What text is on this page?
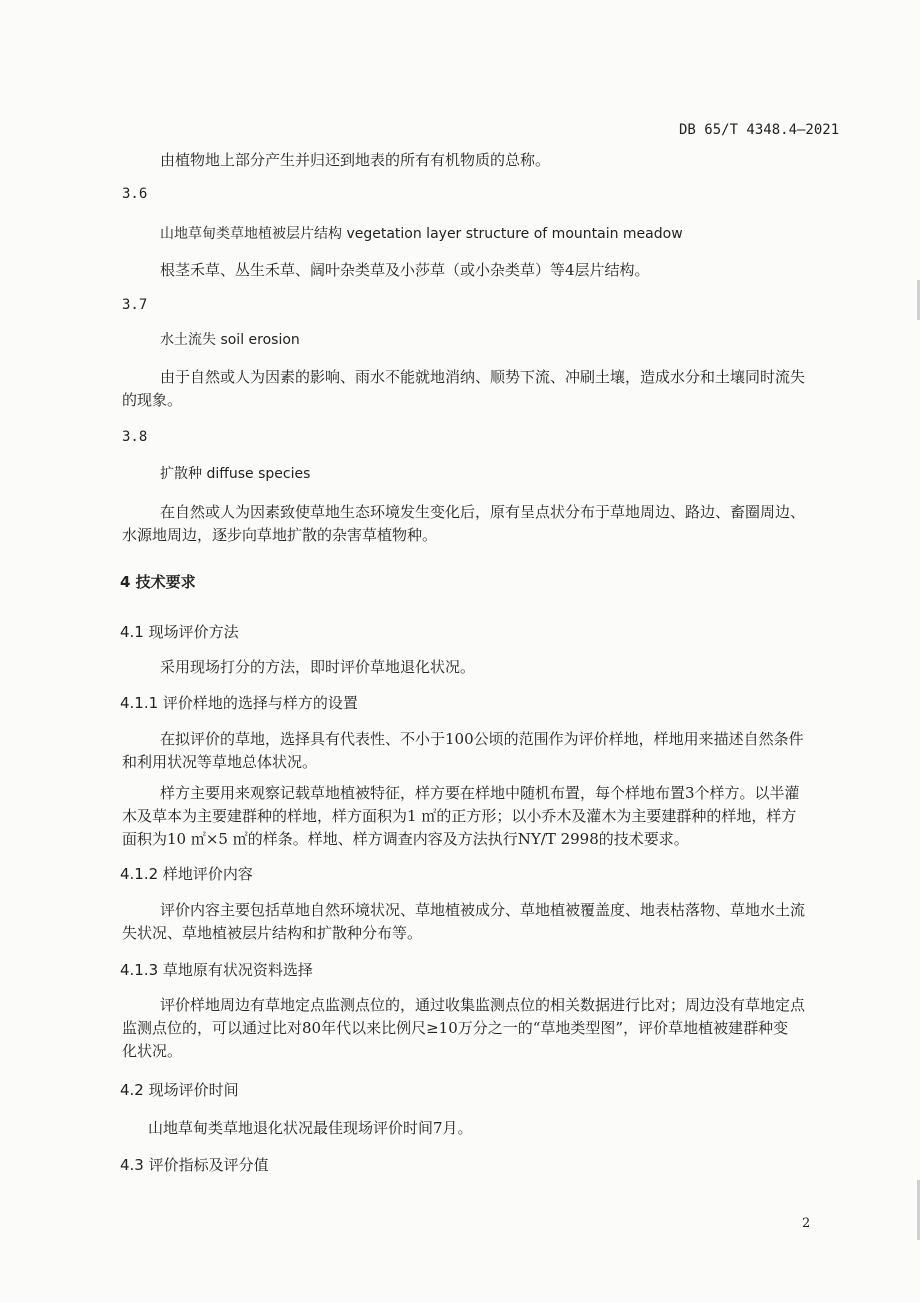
DB 65/T 4348.4—2021
由植物地上部分产生并归还到地表的所有有机物质的总称。
3.6
山地草甸类草地植被层片结构 vegetation layer structure of mountain meadow
根茎禾草、丛生禾草、阔叶杂类草及小莎草（或小杂类草）等4层片结构。
3.7
水土流失 soil erosion
由于自然或人为因素的影响、雨水不能就地消纳、顺势下流、冲刷土壤，造成水分和土壤同时流失
的现象。
3.8
扩散种 diffuse species
在自然或人为因素致使草地生态环境发生变化后，原有呈点状分布于草地周边、路边、畜圈周边、
水源地周边，逐步向草地扩散的杂害草植物种。
4 技术要求
4.1 现场评价方法
采用现场打分的方法，即时评价草地退化状况。
4.1.1 评价样地的选择与样方的设置
在拟评价的草地，选择具有代表性、不小于100公顷的范围作为评价样地，样地用来描述自然条件
和利用状况等草地总体状况。
样方主要用来观察记载草地植被特征，样方要在样地中随机布置，每个样地布置3个样方。以半灌
木及草本为主要建群种的样地，样方面积为1 ㎡的正方形；以小乔木及灌木为主要建群种的样地，样方
面积为10 ㎡×5 ㎡的样条。样地、样方调查内容及方法执行NY/T 2998的技术要求。
4.1.2 样地评价内容
评价内容主要包括草地自然环境状况、草地植被成分、草地植被覆盖度、地表枯落物、草地水土流
失状况、草地植被层片结构和扩散种分布等。
4.1.3 草地原有状况资料选择
评价样地周边有草地定点监测点位的，通过收集监测点位的相关数据进行比对；周边没有草地定点
监测点位的，可以通过比对80年代以来比例尺≥10万分之一的“草地类型图”，评价草地植被建群种变
化状况。
4.2 现场评价时间
山地草甸类草地退化状况最佳现场评价时间7月。
4.3 评价指标及评分值
2
